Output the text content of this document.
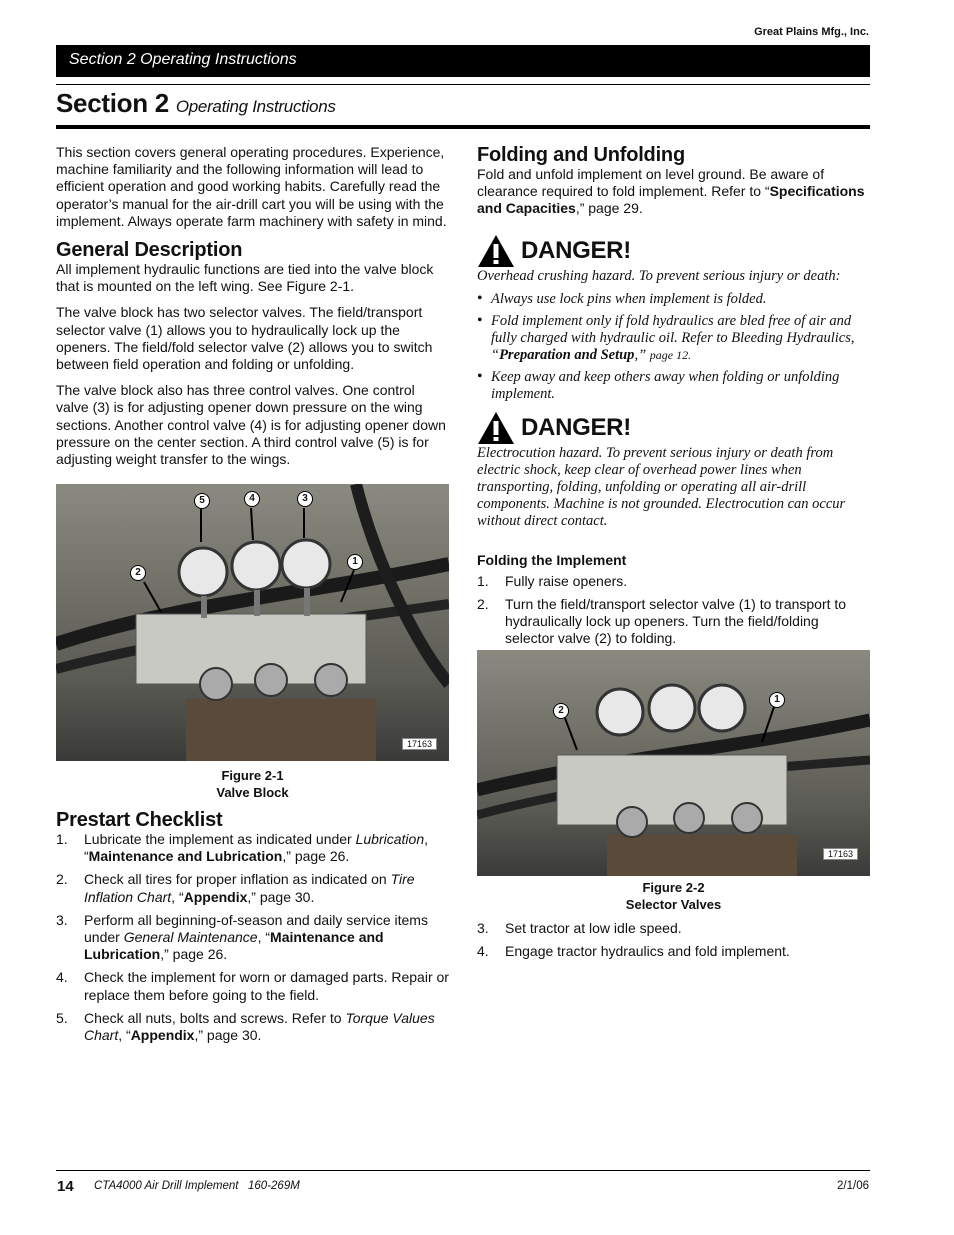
Great Plains Mfg., Inc.
Section 2 Operating Instructions
Section 2 Operating Instructions

This section covers general operating procedures. Experience, machine familiarity and the following information will lead to efficient operation and good working habits. Carefully read the operator’s manual for the air-drill cart you will be using with the implement. Always operate farm machinery with safety in mind.

General Description

All implement hydraulic functions are tied into the valve block that is mounted on the left wing. See Figure 2-1.

The valve block has two selector valves. The field/transport selector valve (1) allows you to hydraulically lock up the openers. The field/fold selector valve (2) allows you to switch between field operation and folding or unfolding.

The valve block also has three control valves. One control valve (3) is for adjusting opener down pressure on the wing sections. Another control valve (4) is for adjusting opener down pressure on the center section. A third control valve (5) is for adjusting weight transfer to the wings.

5	4	3
2
1
17163
Figure 2-1
Valve Block
Prestart Checklist
1. Lubricate the implement as indicated under Lubrication, “Maintenance and Lubrication,” page 26.
2. Check all tires for proper inflation as indicated on Tire Inflation Chart, “Appendix,” page 30.
3. Perform all beginning-of-season and daily service items under General Maintenance, “Maintenance and Lubrication,” page 26.
4. Check the implement for worn or damaged parts. Repair or replace them before going to the field.
5. Check all nuts, bolts and screws. Refer to Torque Values Chart, “Appendix,” page 30.
Folding and Unfolding

Fold and unfold implement on level ground. Be aware of clearance required to fold implement. Refer to “Specifications and Capacities,” page 29.

DANGER!
Overhead crushing hazard. To prevent serious injury or death:
• Always use lock pins when implement is folded.
• Fold implement only if fold hydraulics are bled free of air and fully charged with hydraulic oil. Refer to Bleeding Hydraulics, “Preparation and Setup,” page 12.
• Keep away and keep others away when folding or unfolding implement.
DANGER!
Electrocution hazard. To prevent serious injury or death from electric shock, keep clear of overhead power lines when transporting, folding, unfolding or operating all air-drill components. Machine is not grounded. Electrocution can occur without direct contact.
Folding the Implement
1. Fully raise openers.
2. Turn the field/transport selector valve (1) to transport to hydraulically lock up openers. Turn the field/folding selector valve (2) to folding.
2
1
17163
Figure 2-2
Selector Valves
3. Set tractor at low idle speed.
4. Engage tractor hydraulics and fold implement.
14 CTA4000 Air Drill Implement   160-269M	2/1/06
